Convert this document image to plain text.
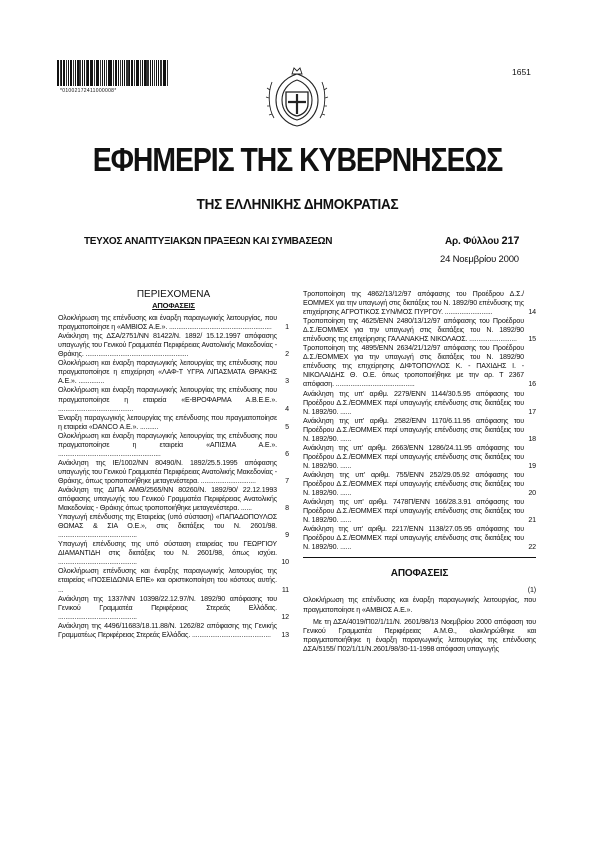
*01002172411000008*
1651
ΕΦΗΜΕΡΙΣ ΤΗΣ ΚΥΒΕΡΝΗΣΕΩΣ
ΤΗΣ ΕΛΛΗΝΙΚΗΣ ΔΗΜΟΚΡΑΤΙΑΣ
ΤΕΥΧΟΣ ΑΝΑΠΤΥΞΙΑΚΩΝ ΠΡΑΞΕΩΝ ΚΑΙ ΣΥΜΒΑΣΕΩΝ	Αρ. Φύλλου 217
24 Νοεμβρίου 2000
ΠΕΡΙΕΧΟΜΕΝΑ
ΑΠΟΦΑΣΕΙΣ
Ολοκλήρωση της επένδυσης και έναρξη παραγωγικής λειτουργίας, που πραγματοποίησε η «ΑΜΒΙΟΣ Α.Ε.». ........................................................ 1
Ανάκληση της ΔΣΑ/2751/ΝΝ 81422/Ν. 1892/ 15.12.1997 απόφασης υπαγωγής του Γενικού Γραμματέα Περιφέρειας Ανατολικής Μακεδονίας - Θράκης. ........................................................	2
Ολοκλήρωση και έναρξη παραγωγικής λειτουργίας της επένδυσης που πραγματοποίησε η επιχείρηση «ΛΑΦ-Τ ΥΓΡΑ ΛΙΠΑΣΜΑΤΑ ΘΡΑΚΗΣ Α.Ε.». ..............	3
Ολοκλήρωση και έναρξη παραγωγικής λειτουργίας της επένδυσης που πραγματοποίησε η εταιρεία «Ε-ΒΡΟΦΑΡΜΑ Α.Β.Ε.Ε.». .........................................	4
Έναρξη παραγωγικής λειτουργίας της επένδυσης που πραγματοποίησε η εταιρεία «DANCO Α.Ε.». ..........	5
Ολοκλήρωση και έναρξη παραγωγικής λειτουργίας της επένδυσης που πραγματοποίησε η εταιρεία «ΑΠΙΣΜΑ Α.Ε.». ........................................................	6
Ανάκληση της ΙΕ/1002/ΝΝ 80490/Ν. 1892/25.5.1995 απόφασης υπαγωγής του Γενικού Γραμματέα Περιφέρειας Ανατολικής Μακεδονίας - Θράκης, όπως τροποποιήθηκε μεταγενέστερα. ..............................	7
Ανάκληση της ΔΙΠΑ ΑΜΘ/2565/ΝΝ 80260/Ν. 1892/90/ 22.12.1993 απόφασης υπαγωγής του Γενικού Γραμματέα Περιφέρειας Ανατολικής Μακεδονίας - Θράκης όπως τροποποιήθηκε μεταγενέστερα. ......	8
Υπαγωγή επένδυσης της Εταιρείας (υπό σύσταση) «ΠΑΠΑΔΟΠΟΥΛΟΣ ΘΩΜΑΣ & ΣΙΑ Ο.Ε.», στις διατάξεις του Ν. 2601/98. ...........................................	9
Υπαγωγή επένδυσης της υπό σύσταση εταιρείας του ΓΕΩΡΓΙΟΥ ΔΙΑΜΑΝΤΙΔΗ στις διατάξεις του Ν. 2601/98, όπως ισχύει. ...........................................	10
Ολοκλήρωση επένδυσης και έναρξης παραγωγικής λειτουργίας της εταιρείας «ΠΟΣΕΙΔΩΝΙΑ ΕΠΕ» και οριστικοποίηση του κόστους αυτής. ...	11
Ανάκληση της 1337/ΝΝ 10398/22.12.97/Ν. 1892/90 απόφασης του Γενικού Γραμματέα Περιφέρειας Στερεάς Ελλάδας. ...........................................	12
Ανάκληση της 4496/11683/18.11.88/Ν. 1262/82 απόφασης της Γενικής Γραμματέως Περιφέρειας Στερεάς Ελλάδας. ........................................... 13
Τροποποίηση της 4862/13/12/97 απόφασης του Προέδρου Δ.Σ./ΕΟΜΜΕΧ για την υπαγωγή στις διατάξεις του Ν. 1892/90 επένδυσης της επιχείρησης ΑΓΡΟΤΙΚΟΣ ΣΥΝ/ΜΟΣ ΠΥΡΓΟΥ. ..........................	14
Τροποποίηση της 4625/ΕΝΝ 2480/13/12/97 απόφασης του Προέδρου Δ.Σ./ΕΟΜΜΕΧ για την υπαγωγή στις διατάξεις του Ν. 1892/90 επένδυσης της επιχείρησης ΓΑΛΑΝΑΚΗΣ ΝΙΚΟΛΑΟΣ. .......................... 15
Τροποποίηση της 4895/ΕΝΝ 2634/21/12/97 απόφασης του Προέδρου Δ.Σ./ΕΟΜΜΕΧ για την υπαγωγή στις διατάξεις του Ν. 1892/90 επένδυσης της επιχείρησης ΔΙΦΤΟΠΟΥΛΟΣ Κ. - ΠΑΧΙΔΗΣ Ι. - ΝΙΚΟΛΑΙΔΗΣ Θ. Ο.Ε. όπως τροποποιήθηκε με την αρ. Τ 2367 απόφαση. ...........................................	16
Ανάκληση της υπ' αριθμ. 2279/ΕΝΝ 1144/30.5.95 απόφασης του Προέδρου Δ.Σ./ΕΟΜΜΕΧ περί υπαγωγής επένδυσης στις διατάξεις του Ν. 1892/90. ......	17
Ανάκληση της υπ' αριθμ. 2582/ΕΝΝ 1170/6.11.95 απόφασης του Προέδρου Δ.Σ./ΕΟΜΜΕΧ περί υπαγωγής επένδυσης στις διατάξεις του Ν. 1892/90. ......	18
Ανάκληση της υπ' αριθμ. 2663/ΕΝΝ 1286/24.11.95 απόφασης του Προέδρου Δ.Σ./ΕΟΜΜΕΧ περί υπαγωγής επένδυσης στις διατάξεις του Ν. 1892/90. ......	19
Ανάκληση της υπ' αριθμ. 755/ΕΝΝ 252/29.05.92 απόφασης του Προέδρου Δ.Σ./ΕΟΜΜΕΧ περί υπαγωγής επένδυσης στις διατάξεις του Ν. 1892/90. ......	20
Ανάκληση της υπ' αριθμ. 7478Π/ΕΝΝ 166/28.3.91 απόφασης του Προέδρου Δ.Σ./ΕΟΜΜΕΧ περί υπαγωγής επένδυσης στις διατάξεις του Ν. 1892/90. ......	21
Ανάκληση της υπ' αριθμ. 2217/ΕΝΝ 1138/27.05.95 απόφασης του Προέδρου Δ.Σ./ΕΟΜΜΕΧ περί υπαγωγής επένδυσης στις διατάξεις του Ν. 1892/90. ......	22
ΑΠΟΦΑΣΕΙΣ
(1)
Ολοκλήρωση της επένδυσης και έναρξη παραγωγικής λειτουργίας, που πραγματοποίησε η «ΑΜΒΙΟΣ Α.Ε.».
Με τη ΔΣΑ/4019/Π02/1/11/Ν. 2601/98/13 Νοεμβρίου 2000 απόφαση του Γενικού Γραμματέα Περιφέρειας Α.Μ.Θ., ολοκληρώθηκε και πραγματοποιήθηκε η έναρξη παραγωγικής λειτουργίας της επένδυσης ΔΣΑ/5155/ Π02/1/11/Ν.2601/98/30-11-1998 απόφαση υπαγωγής
